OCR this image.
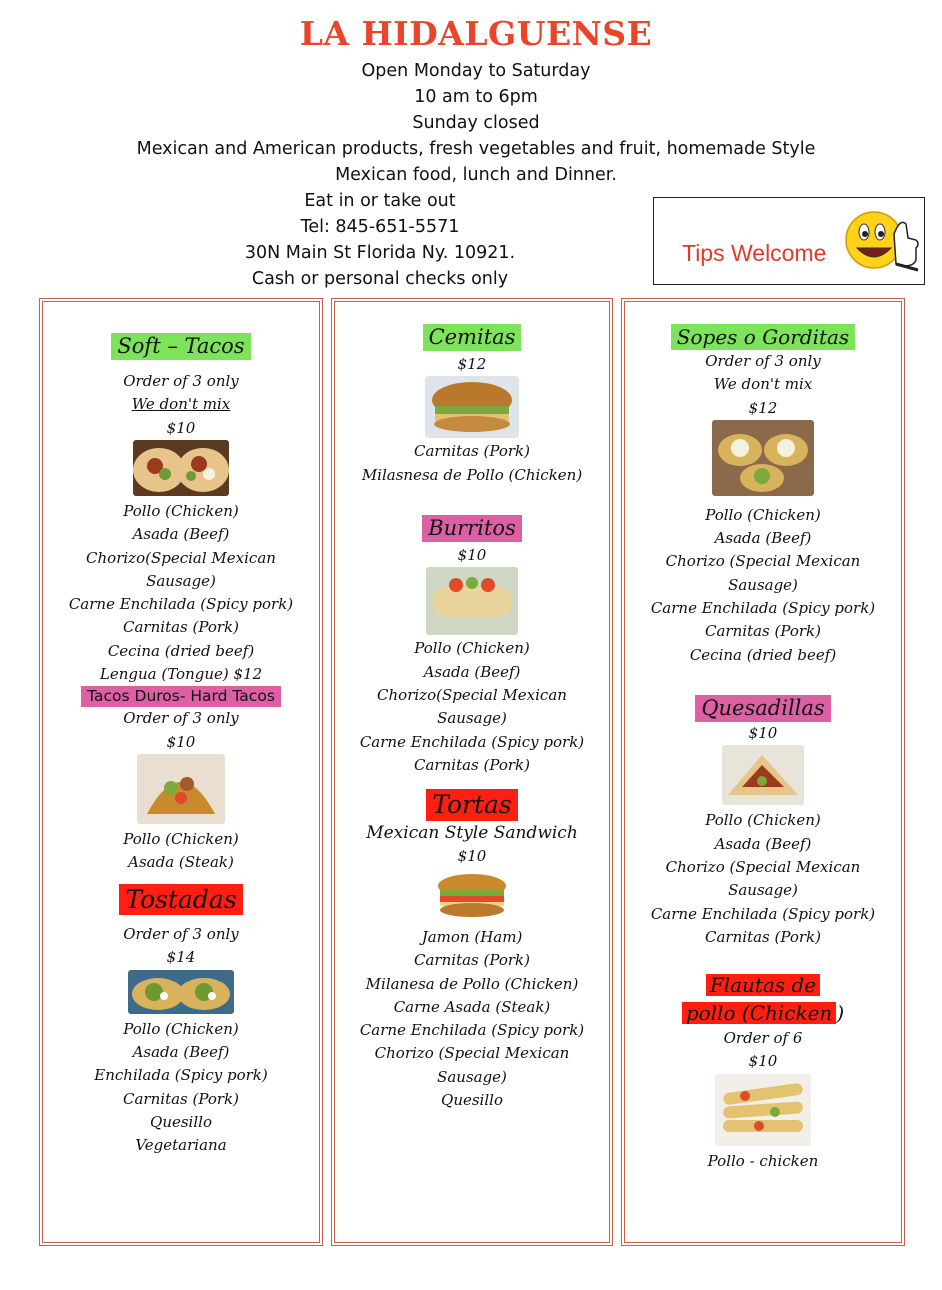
LA HIDALGUENSE
Open Monday to Saturday
10 am to 6pm
Sunday closed
Mexican and American products, fresh vegetables and fruit, homemade Style
Mexican food, lunch and Dinner.
Eat in or take out
Tel: 845-651-5571
30N Main St Florida Ny. 10921.
Cash or personal checks only
Tips Welcome
Soft – Tacos
Order of 3 only
We don't mix
$10
Pollo (Chicken)
Asada (Beef)
Chorizo(Special Mexican
Sausage)
Carne Enchilada (Spicy pork)
Carnitas (Pork)
Cecina (dried beef)
Lengua (Tongue) $12
Tacos Duros- Hard Tacos
Order of 3 only
$10
Pollo (Chicken)
Asada (Steak)
Tostadas
Order of 3 only
$14
Pollo (Chicken)
Asada (Beef)
Enchilada (Spicy pork)
Carnitas (Pork)
Quesillo
Vegetariana
Cemitas
$12
Carnitas (Pork)
Milasnesa de Pollo (Chicken)
Burritos
$10
Pollo (Chicken)
Asada (Beef)
Chorizo(Special Mexican
Sausage)
Carne Enchilada (Spicy pork)
Carnitas (Pork)
Tortas
Mexican Style Sandwich
$10
Jamon (Ham)
Carnitas (Pork)
Milanesa de Pollo (Chicken)
Carne Asada (Steak)
Carne Enchilada (Spicy pork)
Chorizo (Special Mexican
Sausage)
Quesillo
Sopes o Gorditas
Order of 3 only
We don't mix
$12
Pollo (Chicken)
Asada (Beef)
Chorizo (Special Mexican
Sausage)
Carne Enchilada (Spicy pork)
Carnitas (Pork)
Cecina (dried beef)
Quesadillas
$10
Pollo (Chicken)
Asada (Beef)
Chorizo (Special Mexican
Sausage)
Carne Enchilada (Spicy pork)
Carnitas (Pork)
Flautas de
pollo (Chicken )
Order of 6
$10
Pollo - chicken
